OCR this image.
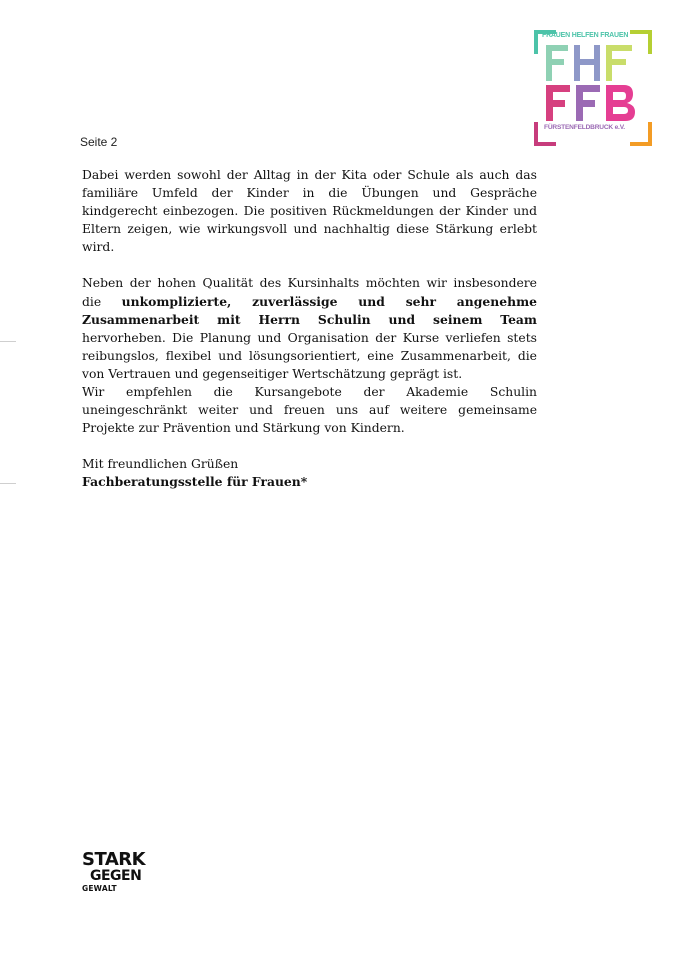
Seite 2
FRAUEN HELFEN FRAUEN
FÜRSTENFELDBRUCK e.V.

Dabei werden sowohl der Alltag in der Kita oder Schule als auch das familiäre Umfeld der Kinder in die Übungen und Gespräche kindgerecht einbezogen. Die positiven Rückmeldungen der Kinder und Eltern zeigen, wie wirkungsvoll und nachhaltig diese Stärkung erlebt wird.

Neben der hohen Qualität des Kursinhalts möchten wir insbesondere die unkomplizierte, zuverlässige und sehr angenehme Zusammenarbeit mit Herrn Schulin und seinem Team hervorheben. Die Planung und Organisation der Kurse verliefen stets reibungslos, flexibel und lösungsorientiert, eine Zusammenarbeit, die von Vertrauen und gegenseitiger Wertschätzung geprägt ist.

Wir empfehlen die Kursangebote der Akademie Schulin uneingeschränkt weiter und freuen uns auf weitere gemeinsame Projekte zur Prävention und Stärkung von Kindern.

Mit freundlichen Grüßen

Fachberatungsstelle für Frauen*

STARK
GEGEN
GEWALT
